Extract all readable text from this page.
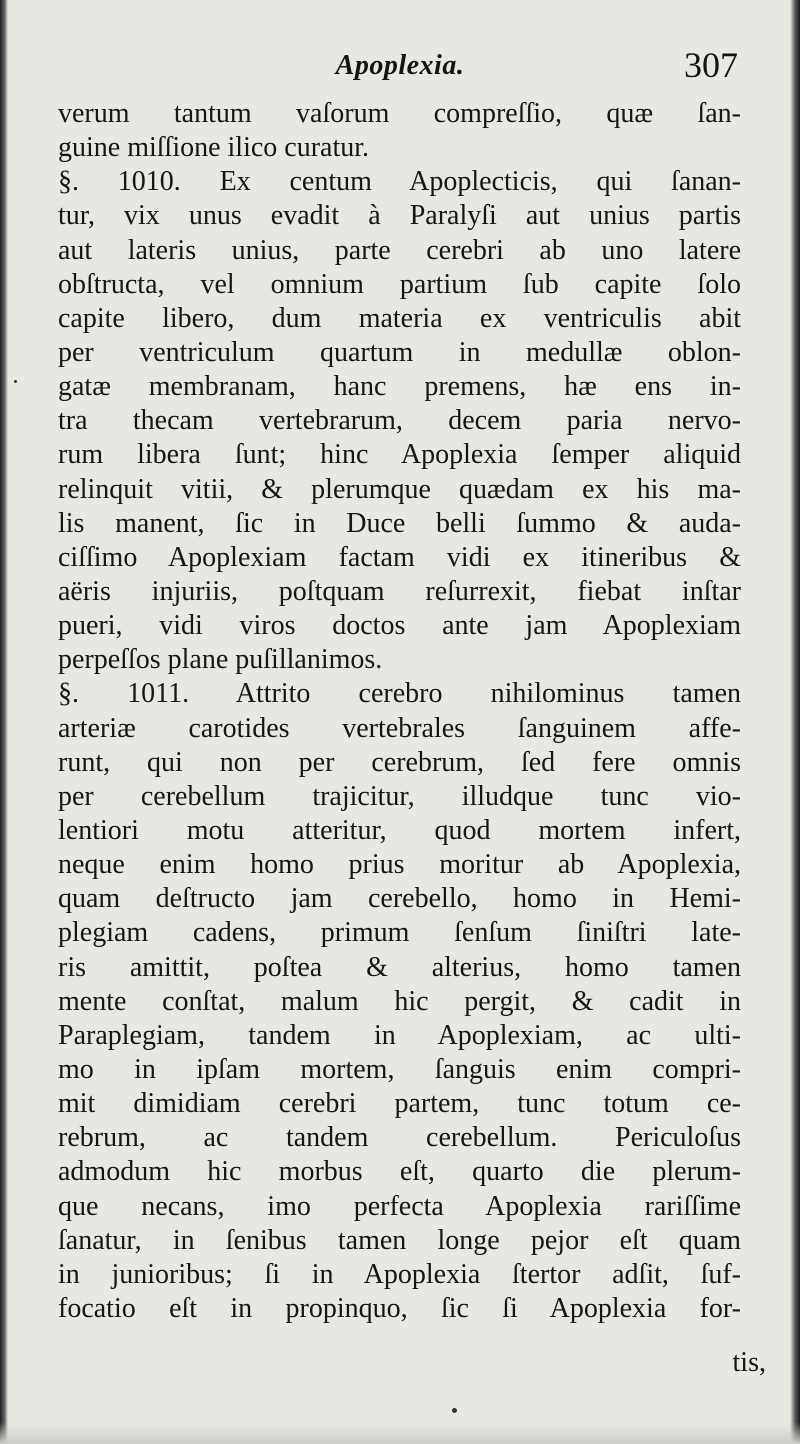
Apoplexia.	307
verum tantum vaſorum compreſſio, quæ ſan-
guine miſſione ilico curatur.
§. 1010. Ex centum Apoplecticis, qui ſanan-
tur, vix unus evadit à Paralyſi aut unius partis
aut lateris unius, parte cerebri ab uno latere
obſtructa, vel omnium partium ſub capite ſolo
capite libero, dum materia ex ventriculis abit
per ventriculum quartum in medullæ oblon-
gatæ membranam, hanc premens, hæ ens in-
tra thecam vertebrarum, decem paria nervo-
rum libera ſunt; hinc Apoplexia ſemper aliquid
relinquit vitii, & plerumque quædam ex his ma-
lis manent, ſic in Duce belli ſummo & auda-
ciſſimo Apoplexiam factam vidi ex itineribus &
aëris injuriis, poſtquam reſurrexit, fiebat inſtar
pueri, vidi viros doctos ante jam Apoplexiam
perpeſſos plane puſillanimos.
§. 1011. Attrito cerebro nihilominus tamen
arteriæ carotides vertebrales ſanguinem affe-
runt, qui non per cerebrum, ſed fere omnis
per cerebellum trajicitur, illudque tunc vio-
lentiori motu atteritur, quod mortem infert,
neque enim homo prius moritur ab Apoplexia,
quam deſtructo jam cerebello, homo in Hemi-
plegiam cadens, primum ſenſum ſiniſtri late-
ris amittit, poſtea & alterius, homo tamen
mente conſtat, malum hic pergit, & cadit in
Paraplegiam, tandem in Apoplexiam, ac ulti-
mo in ipſam mortem, ſanguis enim compri-
mit dimidiam cerebri partem, tunc totum ce-
rebrum, ac tandem cerebellum. Periculoſus
admodum hic morbus eſt, quarto die plerum-
que necans, imo perfecta Apoplexia rariſſime
ſanatur, in ſenibus tamen longe pejor eſt quam
in junioribus; ſi in Apoplexia ſtertor adſit, ſuf-
focatio eſt in propinquo, ſic ſi Apoplexia for-
tis,
